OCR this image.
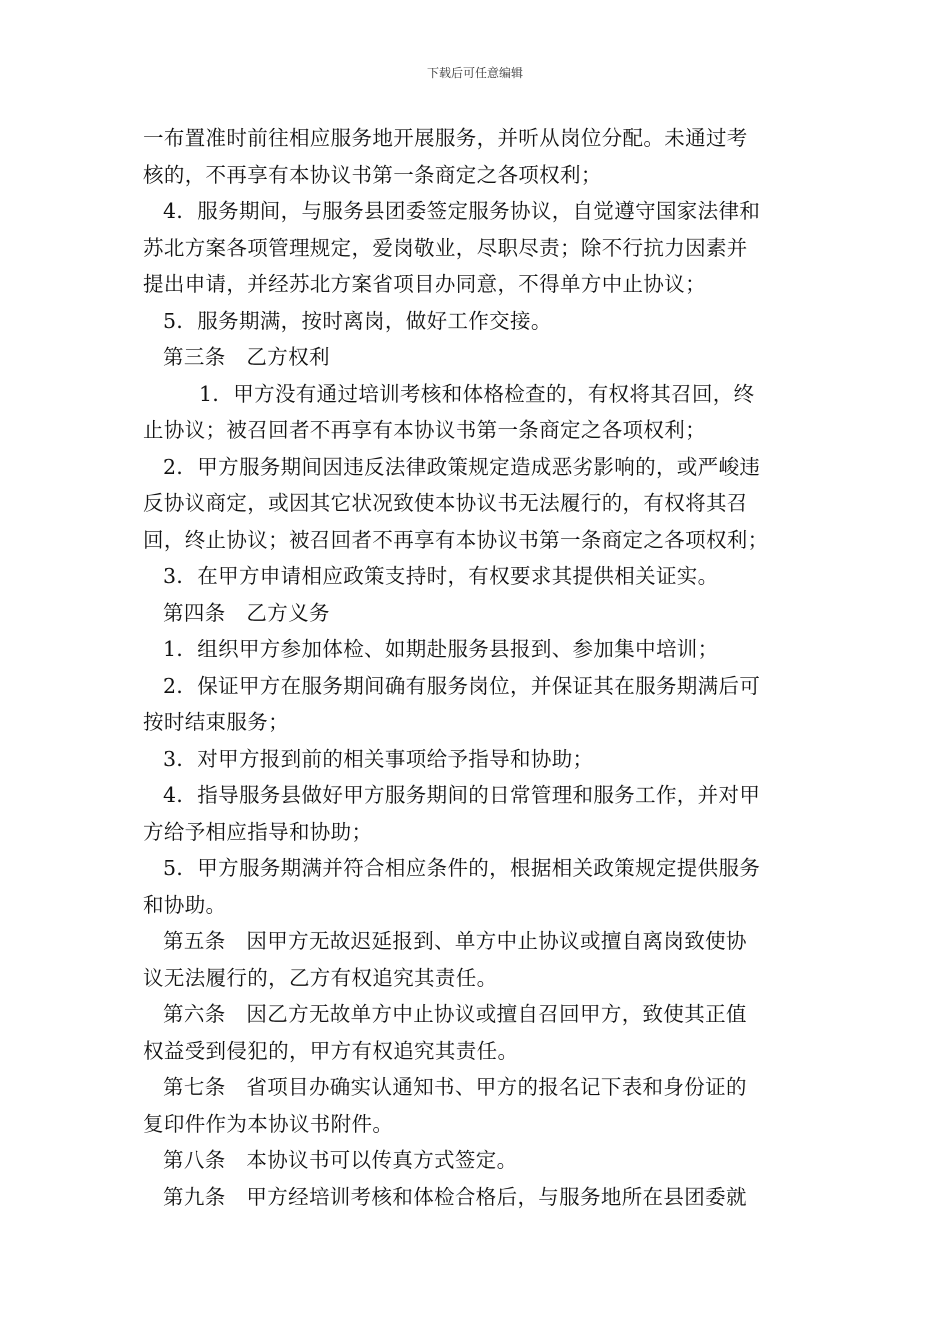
下载后可任意编辑
一布置准时前往相应服务地开展服务，并听从岗位分配。未通过考
核的，不再享有本协议书第一条商定之各项权利；
4．服务期间，与服务县团委签定服务协议，自觉遵守国家法律和
苏北方案各项管理规定，爱岗敬业，尽职尽责；除不行抗力因素并
提出申请，并经苏北方案省项目办同意，不得单方中止协议；
5．服务期满，按时离岗，做好工作交接。
第三条　乙方权利
1．甲方没有通过培训考核和体格检查的，有权将其召回，终
止协议；被召回者不再享有本协议书第一条商定之各项权利；
2．甲方服务期间因违反法律政策规定造成恶劣影响的，或严峻违
反协议商定，或因其它状况致使本协议书无法履行的，有权将其召
回，终止协议；被召回者不再享有本协议书第一条商定之各项权利；
3．在甲方申请相应政策支持时，有权要求其提供相关证实。
第四条　乙方义务
1．组织甲方参加体检、如期赴服务县报到、参加集中培训；
2．保证甲方在服务期间确有服务岗位，并保证其在服务期满后可
按时结束服务；
3．对甲方报到前的相关事项给予指导和协助；
4．指导服务县做好甲方服务期间的日常管理和服务工作，并对甲
方给予相应指导和协助；
5．甲方服务期满并符合相应条件的，根据相关政策规定提供服务
和协助。
第五条　因甲方无故迟延报到、单方中止协议或擅自离岗致使协
议无法履行的，乙方有权追究其责任。
第六条　因乙方无故单方中止协议或擅自召回甲方，致使其正值
权益受到侵犯的，甲方有权追究其责任。
第七条　省项目办确实认通知书、甲方的报名记下表和身份证的
复印件作为本协议书附件。
第八条　本协议书可以传真方式签定。
第九条　甲方经培训考核和体检合格后，与服务地所在县团委就
